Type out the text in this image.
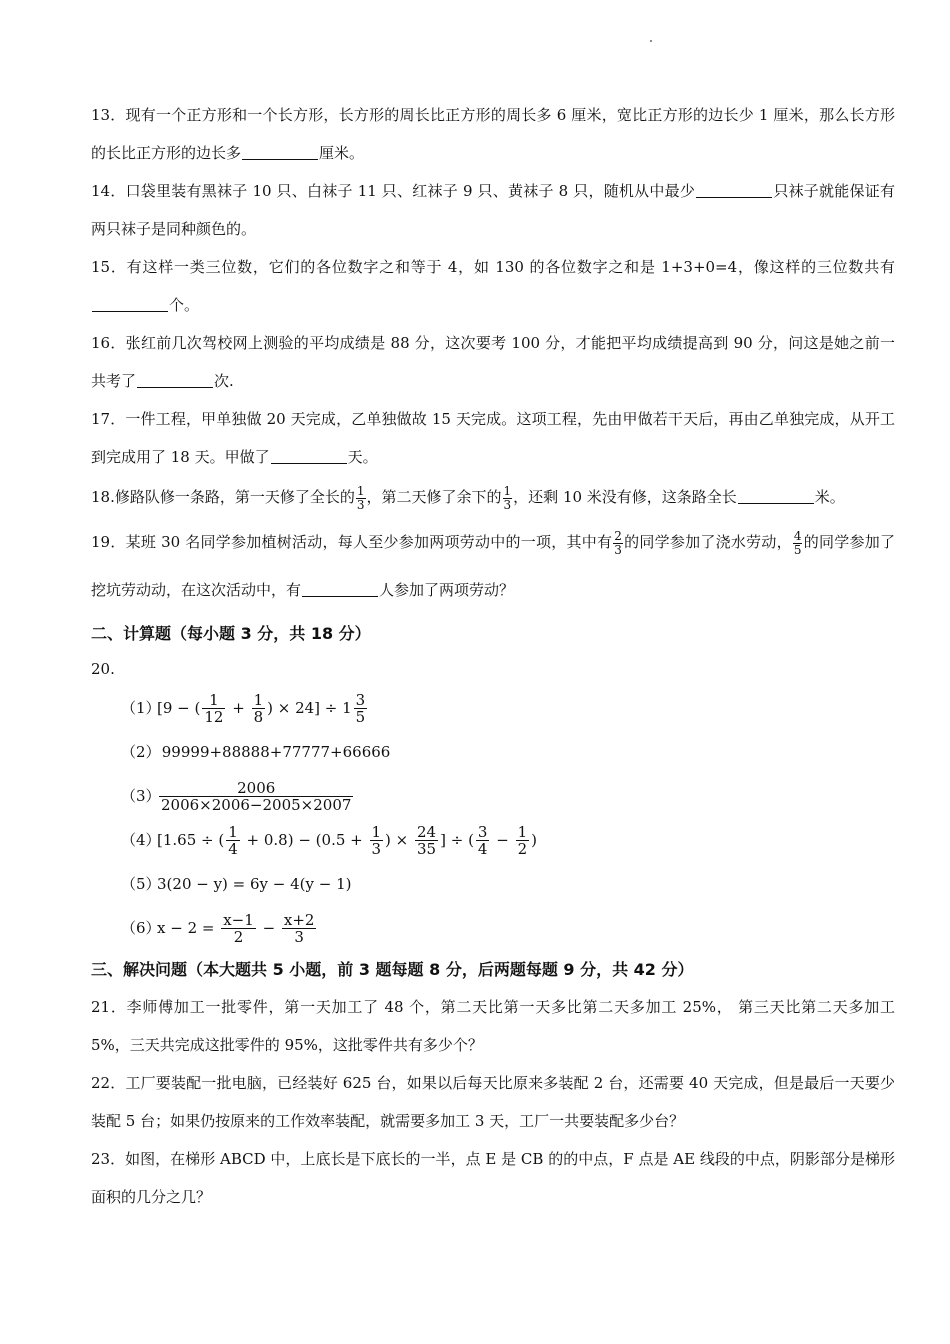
13．现有一个正方形和一个长方形，长方形的周长比正方形的周长多 6 厘米，宽比正方形的边长少 1 厘米，那么长方形的长比正方形的边长多	厘米。

14．口袋里装有黑袜子 10 只、白袜子 11 只、红袜子 9 只、黄袜子 8 只，随机从中最少	只袜子就能保证有两只袜子是同种颜色的。

15．有这样一类三位数，它们的各位数字之和等于 4，如 130 的各位数字之和是 1+3+0=4，像这样的三位数共有个。

16．张红前几次驾校网上测验的平均成绩是 88 分，这次要考 100 分，才能把平均成绩提高到 90 分，问这是她之前一共考了	次.

17．一件工程，甲单独做 20 天完成，乙单独做故 15 天完成。这项工程，先由甲做若干天后，再由乙单独完成，从开工到完成用了 18 天。甲做了	天。

18.修路队修一条路，第一天修了全长的 $\frac{1}{3}$ ，第二天修了余下的 $\frac{1}{3}$ ，还剩 10 米没有修，这条路全长	米。

19．某班 30 名同学参加植树活动，每人至少参加两项劳动中的一项，其中有 $\frac{2}{3}$ 的同学参加了浇水劳动， $\frac{4}{5}$ 的同学参加了挖坑劳动动，在这次活动中，有	人参加了两项劳动？

二、计算题（每小题 3 分，共 18 分）

20.

（1）
[9 − ( $\frac{1}{12} + \frac{1}{8}$ ) × $24] \div 1 \frac{3}{5}$
（2）
99999+88888+77777+66666
（3）
$\frac{2006}{2006\times 2006-2005\times 2007}$
（4）
[1.65 ÷ ( $\frac{1}{4} + 0.8) - (0.5 + \frac{1}{3}$ ) × $\frac{24}{35}$ ] ÷ ( $\frac{3}{4} - \frac{1}{2}$ )
（5）
3(20 − y) = 6y − 4(y − 1)
（6）
$x - 2 = \frac{x-1}{2} - \frac{x+2}{3}$
三、解决问题（本大题共 5 小题，前 3 题每题 8 分，后两题每题 9 分，共 42 分）

21．李师傅加工一批零件，第一天加工了 48 个，第二天比第一天多比第二天多加工 25%， 第三天比第二天多加工 5%，三天共完成这批零件的 95%，这批零件共有多少个？

22．工厂要装配一批电脑，已经装好 625 台，如果以后每天比原来多装配 2 台，还需要 40 天完成，但是最后一天要少装配 5 台；如果仍按原来的工作效率装配，就需要多加工 3 天，工厂一共要装配多少台？

23．如图，在梯形 ABCD 中，上底长是下底长的一半，点 E 是 CB 的的中点，F 点是 AE 线段的中点，阴影部分是梯形面积的几分之几？
